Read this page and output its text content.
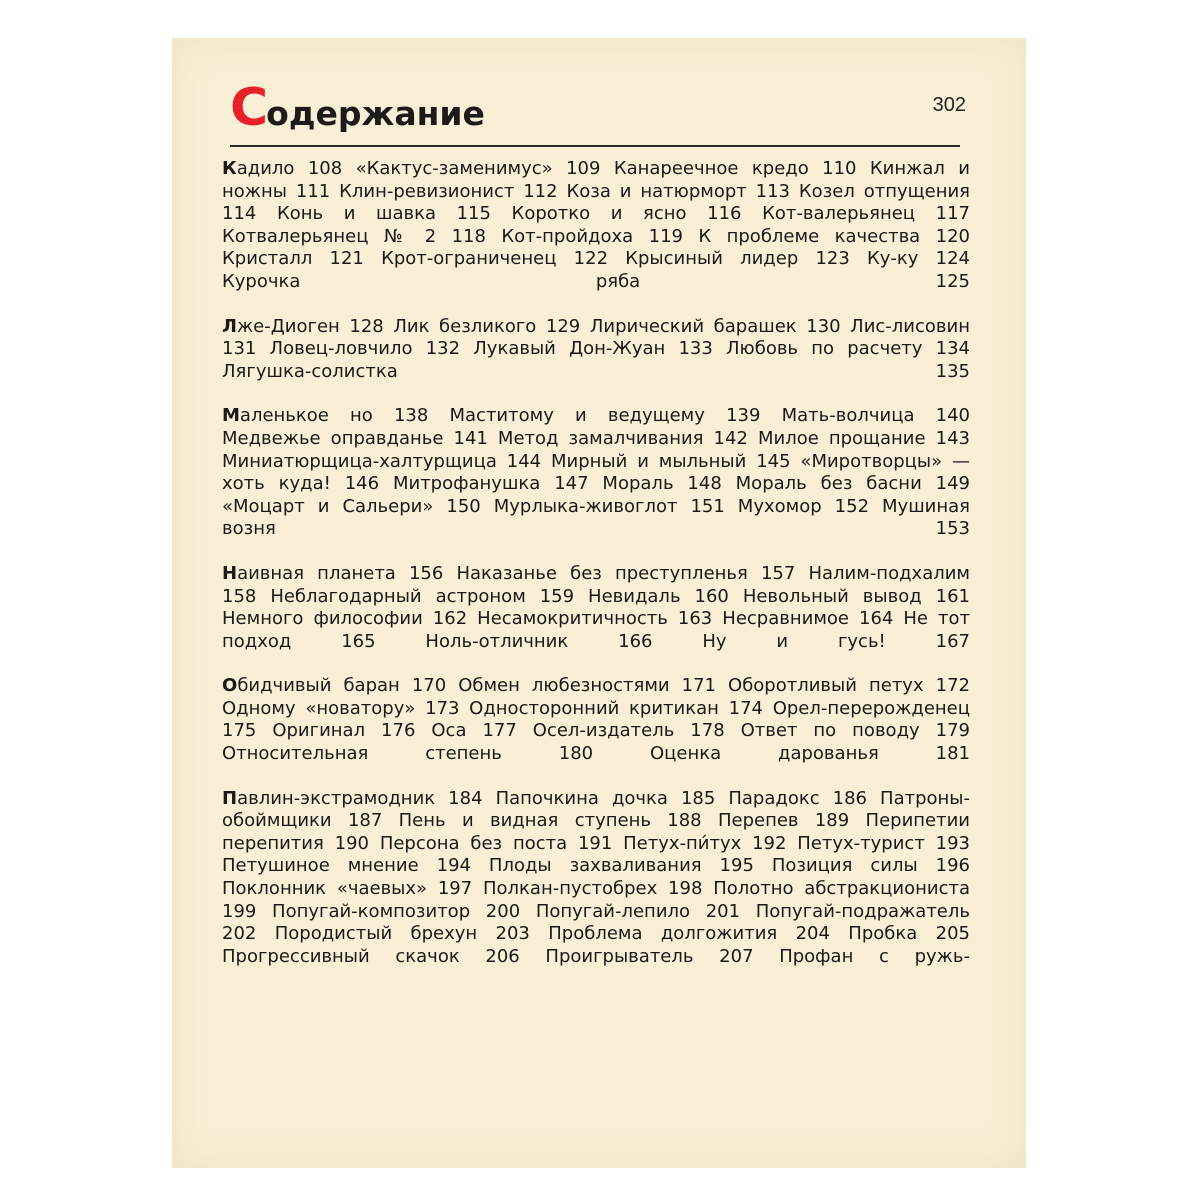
Содержание	302

Кадило 108 «Кактус-заменимус» 109 Канареечное кредо 110 Кинжал и ножны 111 Клин-ревизионист 112 Коза и натюрморт 113 Козел отпущения 114 Конь и шавка 115 Коротко и ясно 116 Кот-валерьянец 117 Котвалерьянец № 2 118 Кот-пройдоха 119 К проблеме качества 120 Кристалл 121 Крот-ограниченец 122 Крысиный лидер 123 Ку-ку 124 Курочка ряба 125

Лже-Диоген 128 Лик безликого 129 Лирический барашек 130 Лис-лисовин 131 Ловец-ловчило 132 Лукавый Дон-Жуан 133 Любовь по расчету 134 Лягушка-солистка 135

Маленькое но 138 Маститому и ведущему 139 Мать-волчица 140 Медвежье оправданье 141 Метод замалчивания 142 Милое прощание 143 Миниатюрщица-халтурщица 144 Мирный и мыльный 145 «Миротворцы» — хоть куда! 146 Митрофанушка 147 Мораль 148 Мораль без басни 149 «Моцарт и Сальери» 150 Мурлыка-живоглот 151 Мухомор 152 Мушиная возня 153

Наивная планета 156 Наказанье без преступленья 157 Налим-подхалим 158 Неблагодарный астроном 159 Невидаль 160 Невольный вывод 161 Немного философии 162 Несамокритичность 163 Несравнимое 164 Не тот подход 165 Ноль-отличник 166 Ну и гусь! 167

Обидчивый баран 170 Обмен любезностями 171 Оборотливый петух 172 Одному «новатору» 173 Односторонний критикан 174 Орел-перерожденец 175 Оригинал 176 Оса 177 Осел-издатель 178 Ответ по поводу 179 Относительная степень 180 Оценка дарованья 181

Павлин-экстрамодник 184 Папочкина дочка 185 Парадокс 186 Патроны-обоймщики 187 Пень и видная ступень 188 Перепев 189 Перипетии перепития 190 Персона без поста 191 Петух-пи́тух 192 Петух-турист 193 Петушиное мнение 194 Плоды захваливания 195 Позиция силы 196 Поклонник «чаевых» 197 Полкан-пустобрех 198 Полотно абстракциониста 199 Попугай-композитор 200 Попугай-лепило 201 Попугай-подражатель 202 Породистый брехун 203 Проблема долгожития 204 Пробка 205 Прогрессивный скачок 206 Проигрыватель 207 Профан с ружь-
